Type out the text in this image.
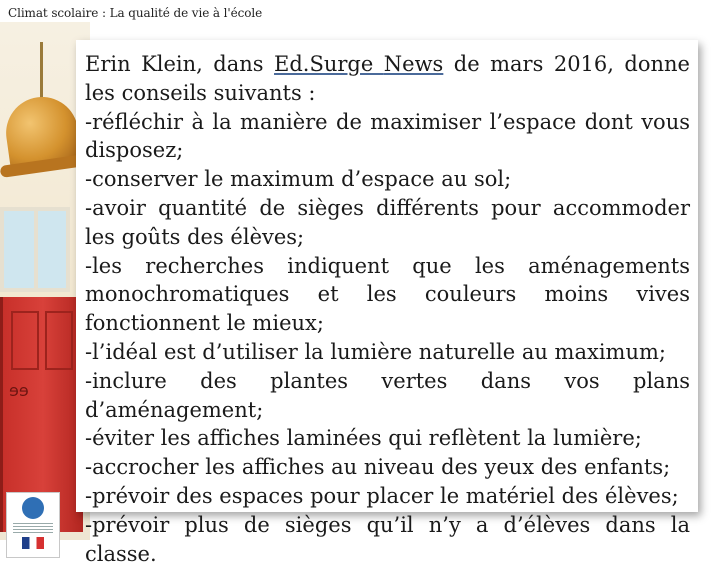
Climat scolaire : La qualité de vie à l'école
ɘɘ

Erin Klein, dans Ed.Surge News de mars 2016, donne les conseils suivants :

-réfléchir à la manière de maximiser l’espace dont vous disposez;

-conserver le maximum d’espace au sol;

-avoir quantité de sièges différents pour accommoder les goûts des élèves;

-les recherches indiquent que les aménagements monochromatiques et les couleurs moins vives fonctionnent le mieux;

-l’idéal est d’utiliser la lumière naturelle au maximum;

-inclure des plantes vertes dans vos plans d’aménagement;

-éviter les affiches laminées qui reflètent la lumière;

-accrocher les affiches au niveau des yeux des enfants;

-prévoir des espaces pour placer le matériel des élèves;

-prévoir plus de sièges qu’il n’y a d’élèves dans la classe.
